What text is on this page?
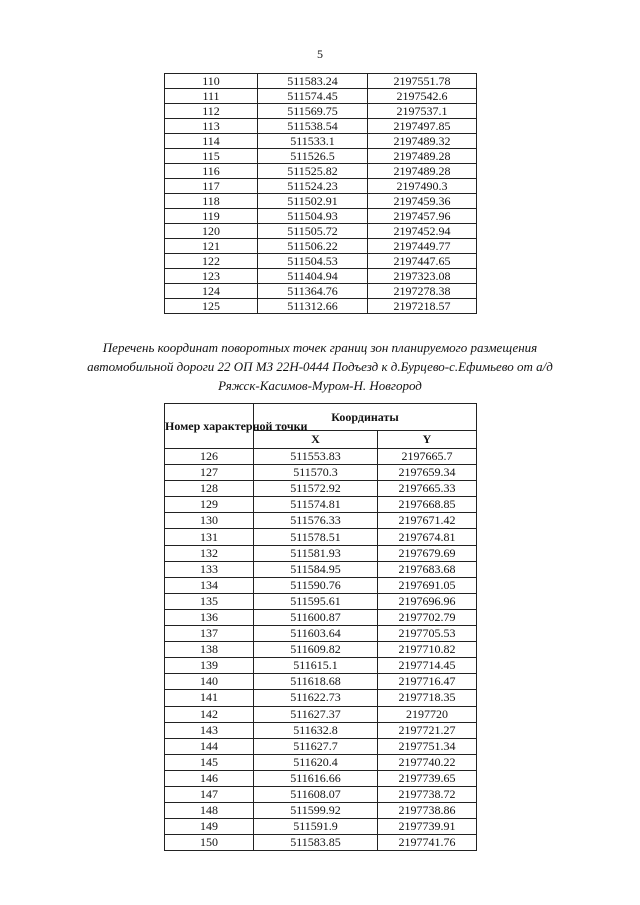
5
110	511583.24	2197551.78
111	511574.45	2197542.6
112	511569.75	2197537.1
113	511538.54	2197497.85
114	511533.1	2197489.32
115	511526.5	2197489.28
116	511525.82	2197489.28
117	511524.23	2197490.3
118	511502.91	2197459.36
119	511504.93	2197457.96
120	511505.72	2197452.94
121	511506.22	2197449.77
122	511504.53	2197447.65
123	511404.94	2197323.08
124	511364.76	2197278.38
125	511312.66	2197218.57
Перечень координат поворотных точек границ зон планируемого размещения
автомобильной дороги 22 ОП МЗ 22Н-0444 Подъезд к д.Бурцево-с.Ефимьево от а/д
Ряжск-Касимов-Муром-Н. Новгород
Номер характерной точки	Координаты	
	X	Y
126	511553.83	2197665.7
127	511570.3	2197659.34
128	511572.92	2197665.33
129	511574.81	2197668.85
130	511576.33	2197671.42
131	511578.51	2197674.81
132	511581.93	2197679.69
133	511584.95	2197683.68
134	511590.76	2197691.05
135	511595.61	2197696.96
136	511600.87	2197702.79
137	511603.64	2197705.53
138	511609.82	2197710.82
139	511615.1	2197714.45
140	511618.68	2197716.47
141	511622.73	2197718.35
142	511627.37	2197720
143	511632.8	2197721.27
144	511627.7	2197751.34
145	511620.4	2197740.22
146	511616.66	2197739.65
147	511608.07	2197738.72
148	511599.92	2197738.86
149	511591.9	2197739.91
150	511583.85	2197741.76
